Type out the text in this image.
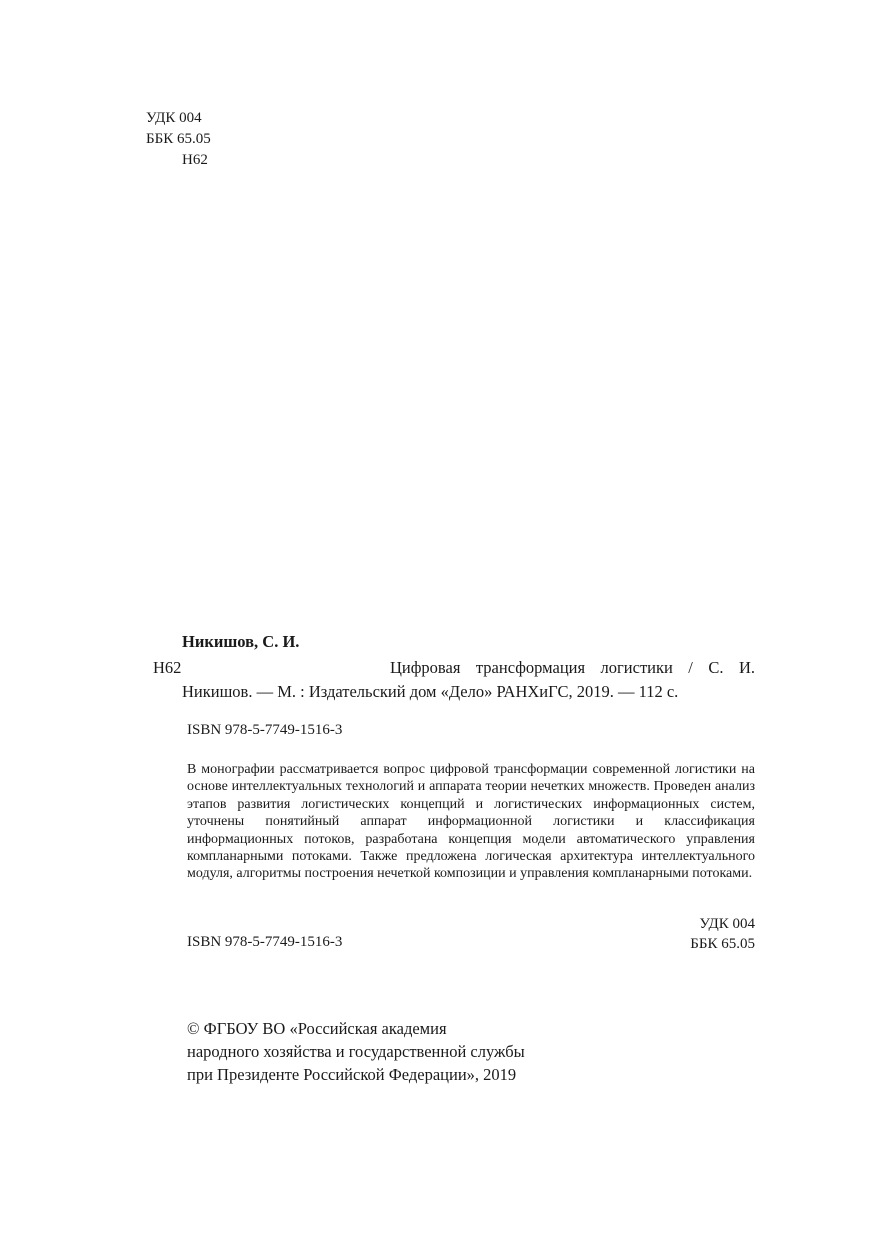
УДК 004
ББК 65.05
Н62
Никишов, С. И.
Н62	Цифровая трансформация логистики / С. И. Никишов. — М. : Издательский дом «Дело» РАНХиГС, 2019. — 112 с.
ISBN 978-5-7749-1516-3
В монографии рассматривается вопрос цифровой трансформации современной логистики на основе интеллектуальных технологий и аппарата теории нечетких множеств. Проведен анализ этапов развития логистических концепций и логистических информационных систем, уточнены понятийный аппарат информационной логистики и классификация информационных потоков, разработана концепция модели автоматического управления компланарными потоками. Также предложена логическая архитектура интеллектуального модуля, алгоритмы построения нечеткой композиции и управления компланарными потоками.
УДК 004
ISBN 978-5-7749-1516-3	ББК 65.05
© ФГБОУ ВО «Российская академия
народного хозяйства и государственной службы
при Президенте Российской Федерации», 2019
